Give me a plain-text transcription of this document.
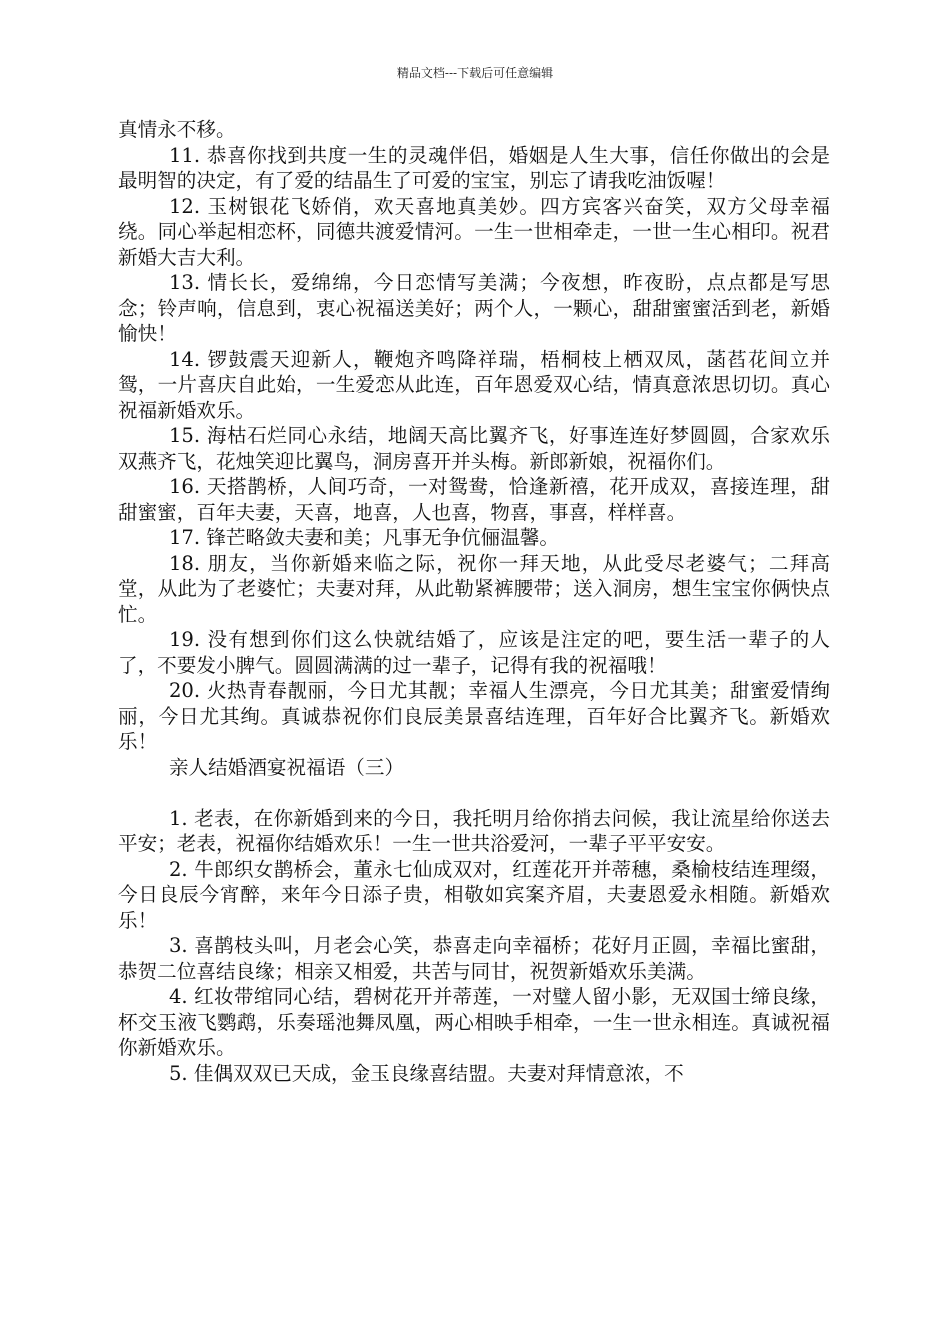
精品文档---下载后可任意编辑

真情永不移。

11. 恭喜你找到共度一生的灵魂伴侣，婚姻是人生大事，信任你做出的会是最明智的决定，有了爱的结晶生了可爱的宝宝，别忘了请我吃油饭喔！

12. 玉树银花飞娇俏，欢天喜地真美妙。四方宾客兴奋笑，双方父母幸福绕。同心举起相恋杯，同德共渡爱情河。一生一世相牵走，一世一生心相印。祝君新婚大吉大利。

13. 情长长，爱绵绵，今日恋情写美满；今夜想，昨夜盼，点点都是写思念；铃声响，信息到，衷心祝福送美好；两个人，一颗心，甜甜蜜蜜活到老，新婚愉快！

14. 锣鼓震天迎新人，鞭炮齐鸣降祥瑞，梧桐枝上栖双凤，菡萏花间立并鸳，一片喜庆自此始，一生爱恋从此连，百年恩爱双心结，情真意浓思切切。真心祝福新婚欢乐。

15. 海枯石烂同心永结，地阔天高比翼齐飞，好事连连好梦圆圆，合家欢乐双燕齐飞，花烛笑迎比翼鸟，洞房喜开并头梅。新郎新娘，祝福你们。

16. 天搭鹊桥，人间巧奇，一对鸳鸯，恰逢新禧，花开成双，喜接连理，甜甜蜜蜜，百年夫妻，天喜，地喜，人也喜，物喜，事喜，样样喜。

17. 锋芒略敛夫妻和美；凡事无争伉俪温馨。

18. 朋友，当你新婚来临之际，祝你一拜天地，从此受尽老婆气；二拜高堂，从此为了老婆忙；夫妻对拜，从此勒紧裤腰带；送入洞房，想生宝宝你俩快点忙。

19. 没有想到你们这么快就结婚了，应该是注定的吧，要生活一辈子的人了，不要发小脾气。圆圆满满的过一辈子，记得有我的祝福哦！

20. 火热青春靓丽，今日尤其靓；幸福人生漂亮，今日尤其美；甜蜜爱情绚丽，今日尤其绚。真诚恭祝你们良辰美景喜结连理，百年好合比翼齐飞。新婚欢乐！

亲人结婚酒宴祝福语（三）

1. 老表，在你新婚到来的今日，我托明月给你捎去问候，我让流星给你送去平安；老表，祝福你结婚欢乐！一生一世共浴爱河，一辈子平平安安。

2. 牛郎织女鹊桥会，董永七仙成双对，红莲花开并蒂穗，桑榆枝结连理缀，今日良辰今宵醉，来年今日添子贵，相敬如宾案齐眉，夫妻恩爱永相随。新婚欢乐！

3. 喜鹊枝头叫，月老会心笑，恭喜走向幸福桥；花好月正圆，幸福比蜜甜，恭贺二位喜结良缘；相亲又相爱，共苦与同甘，祝贺新婚欢乐美满。

4. 红妆带绾同心结，碧树花开并蒂莲，一对璧人留小影，无双国士缔良缘，杯交玉液飞鹦鹉，乐奏瑶池舞凤凰，两心相映手相牵，一生一世永相连。真诚祝福你新婚欢乐。

5. 佳偶双双已天成，金玉良缘喜结盟。夫妻对拜情意浓，不
